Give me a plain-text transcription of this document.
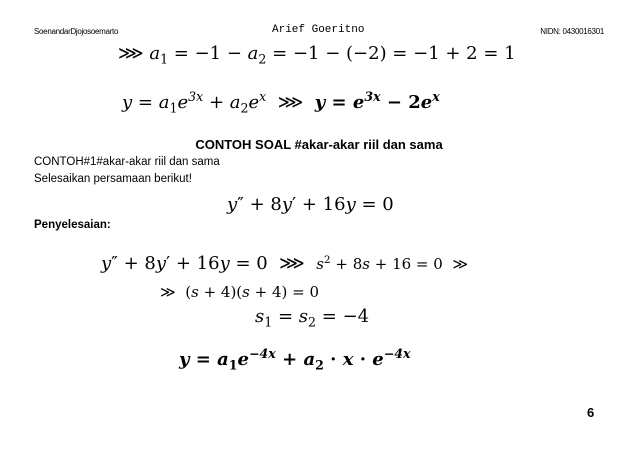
SoenandarDjojosoemarto	Arief Goeritno	NIDN: 0430016301
⋙ $a_1 = -1 - a_2 = -1 - (-2) = -1 + 2 = 1$
$y = a_1e^{3x} + a_2e^x$  ⋙  $y = e^{3x} - 2e^x$
CONTOH SOAL #akar-akar riil dan sama
CONTOH#1#akar-akar riil dan sama
Selesaikan persamaan berikut!
y″ + 8y′ + 16y = 0
Penyelesaian:
y″ + 8y′ + 16y = 0  ⋙  $s^2 + 8s + 16 = 0$  ≫
≫  (s + 4)(s + 4) = 0
$s_1 = s_2 = -4$
$y = a_1e^{-4x} + a_2 \cdot x \cdot e^{-4x}$
6
